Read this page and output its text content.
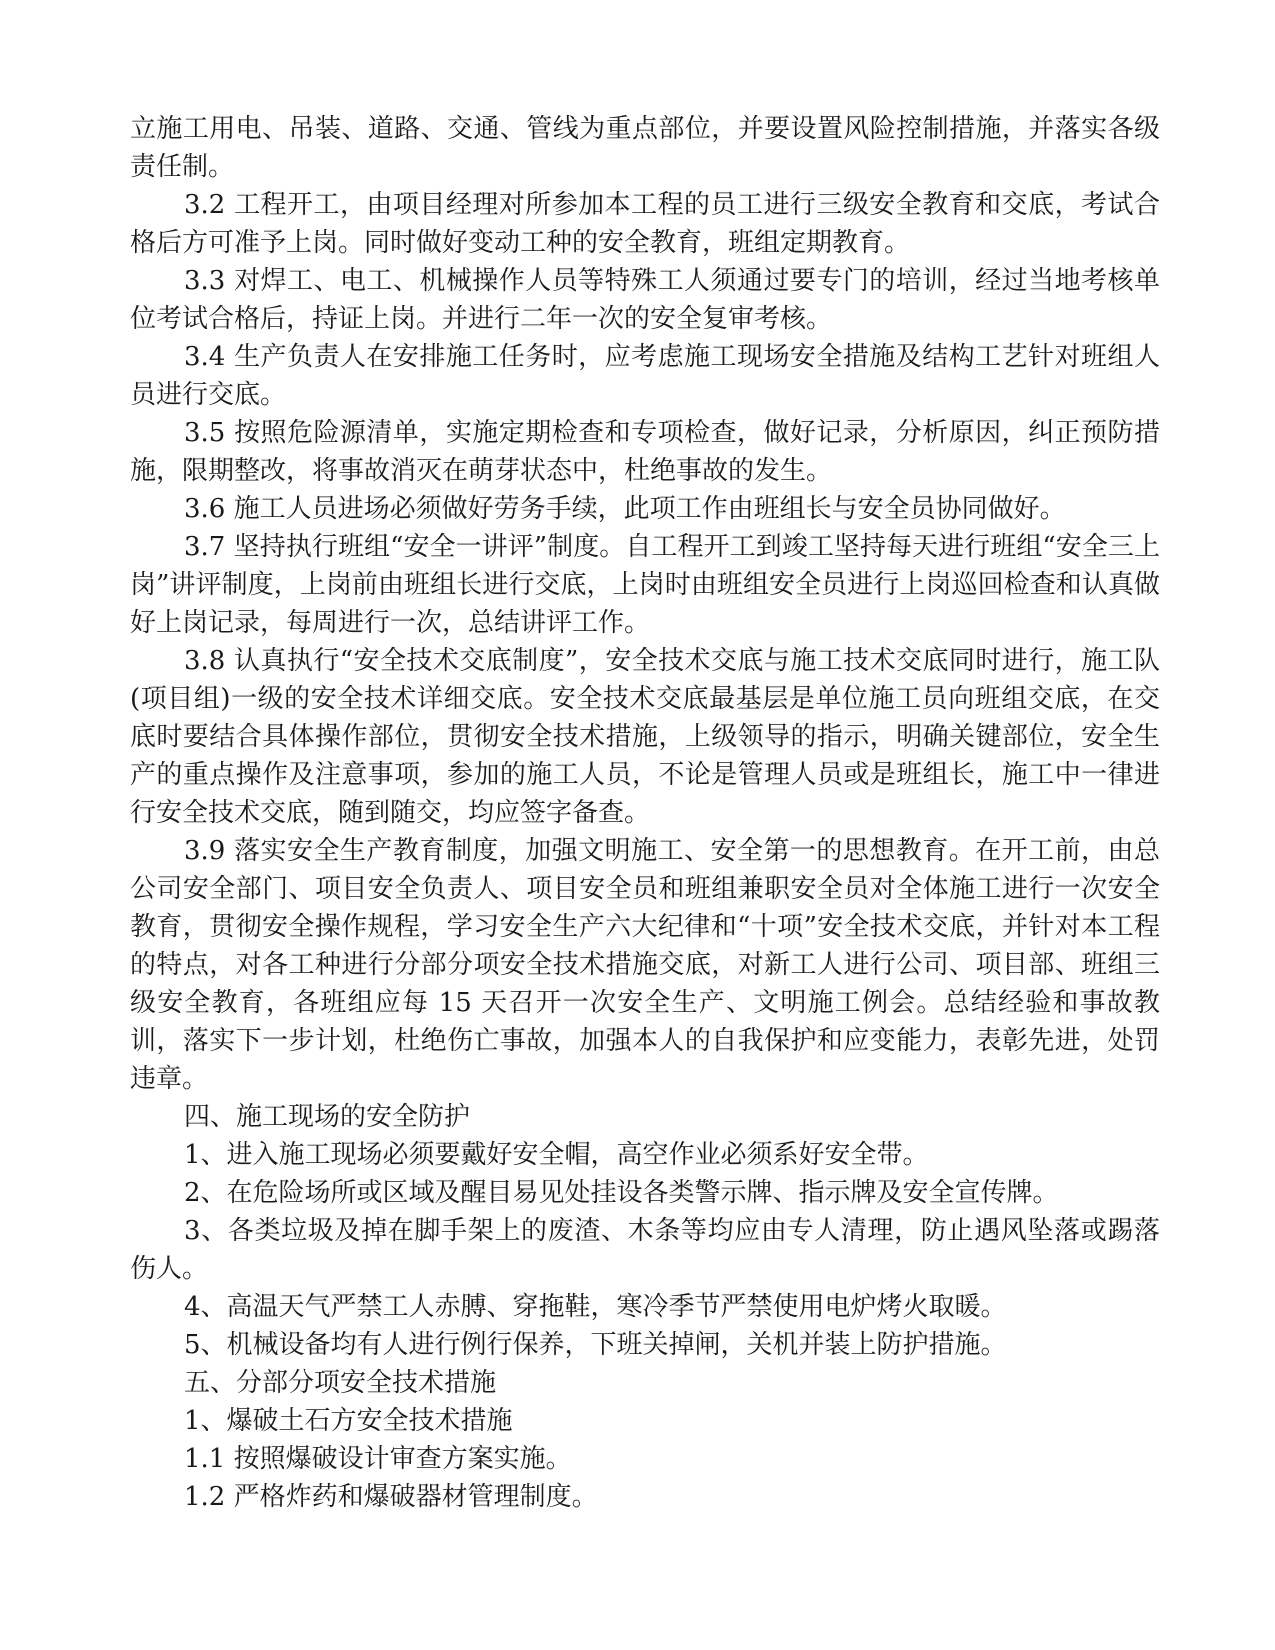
立施工用电、吊装、道路、交通、管线为重点部位，并要设置风险控制措施，并落实各级责任制。

3.2 工程开工，由项目经理对所参加本工程的员工进行三级安全教育和交底，考试合格后方可准予上岗。同时做好变动工种的安全教育，班组定期教育。

3.3 对焊工、电工、机械操作人员等特殊工人须通过要专门的培训，经过当地考核单位考试合格后，持证上岗。并进行二年一次的安全复审考核。

3.4 生产负责人在安排施工任务时，应考虑施工现场安全措施及结构工艺针对班组人员进行交底。

3.5 按照危险源清单，实施定期检查和专项检查，做好记录，分析原因，纠正预防措施，限期整改，将事故消灭在萌芽状态中，杜绝事故的发生。

3.6 施工人员进场必须做好劳务手续，此项工作由班组长与安全员协同做好。

3.7 坚持执行班组“安全一讲评”制度。自工程开工到竣工坚持每天进行班组“安全三上岗”讲评制度，上岗前由班组长进行交底，上岗时由班组安全员进行上岗巡回检查和认真做好上岗记录，每周进行一次，总结讲评工作。

3.8 认真执行“安全技术交底制度”，安全技术交底与施工技术交底同时进行，施工队(项目组)一级的安全技术详细交底。安全技术交底最基层是单位施工员向班组交底，在交底时要结合具体操作部位，贯彻安全技术措施，上级领导的指示，明确关键部位，安全生产的重点操作及注意事项，参加的施工人员，不论是管理人员或是班组长，施工中一律进行安全技术交底，随到随交，均应签字备查。

3.9 落实安全生产教育制度，加强文明施工、安全第一的思想教育。在开工前，由总公司安全部门、项目安全负责人、项目安全员和班组兼职安全员对全体施工进行一次安全教育，贯彻安全操作规程，学习安全生产六大纪律和“十项”安全技术交底，并针对本工程的特点，对各工种进行分部分项安全技术措施交底，对新工人进行公司、项目部、班组三级安全教育，各班组应每 15 天召开一次安全生产、文明施工例会。总结经验和事故教训，落实下一步计划，杜绝伤亡事故，加强本人的自我保护和应变能力，表彰先进，处罚违章。

四、施工现场的安全防护

1、进入施工现场必须要戴好安全帽，高空作业必须系好安全带。

2、在危险场所或区域及醒目易见处挂设各类警示牌、指示牌及安全宣传牌。

3、各类垃圾及掉在脚手架上的废渣、木条等均应由专人清理，防止遇风坠落或踢落伤人。

4、高温天气严禁工人赤膊、穿拖鞋，寒冷季节严禁使用电炉烤火取暖。

5、机械设备均有人进行例行保养，下班关掉闸，关机并装上防护措施。

五、分部分项安全技术措施

1、爆破土石方安全技术措施

1.1 按照爆破设计审查方案实施。

1.2 严格炸药和爆破器材管理制度。
